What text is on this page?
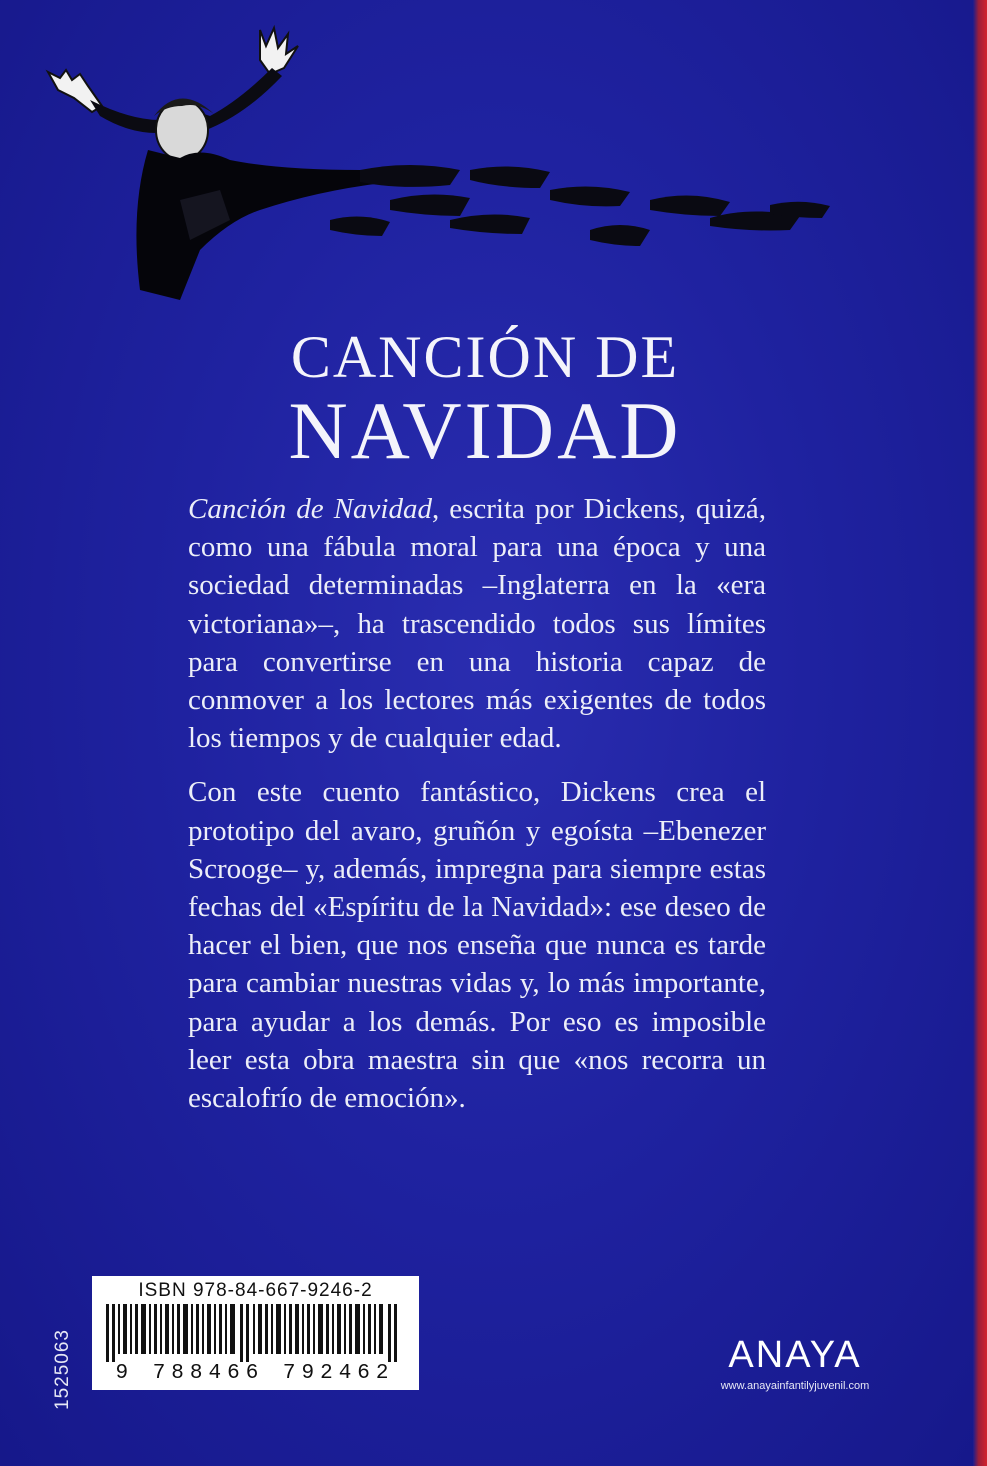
CANCIÓN DE
NAVIDAD

Canción de Navidad, escrita por Dickens, quizá, como una fábula moral para una época y una sociedad determinadas –Inglaterra en la «era victoriana»–, ha trascendido todos sus límites para convertirse en una historia capaz de conmover a los lectores más exigentes de todos los tiempos y de cualquier edad.

Con este cuento fantástico, Dickens crea el prototipo del avaro, gruñón y egoísta –Ebenezer Scrooge– y, además, impregna para siempre estas fechas del «Espíritu de la Navidad»: ese deseo de hacer el bien, que nos enseña que nunca es tarde para cambiar nuestras vidas y, lo más importante, para ayudar a los demás. Por eso es imposible leer esta obra maestra sin que «nos recorra un escalofrío de emoción».

1525063
ISBN 978-84-667-9246-2
9 788466 792462	ANAYA
www.anayainfantilyjuvenil.com
